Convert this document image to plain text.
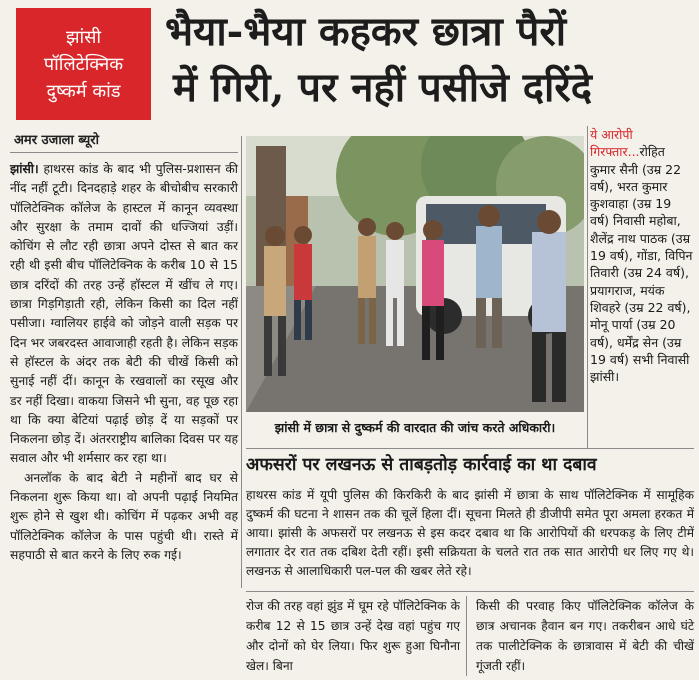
झांसी
पॉलिटेक्निक
दुष्कर्म कांड
भैया-भैया कहकर छात्रा पैरों
में गिरी, पर नहीं पसीजे दरिंदे
अमर उजाला ब्यूरो

झांसी। हाथरस कांड के बाद भी पुलिस-प्रशासन की नींद नहीं टूटी। दिनदहाड़े शहर के बीचोबीच सरकारी पॉलिटेक्निक कॉलेज के हास्टल में कानून व्यवस्था और सुरक्षा के तमाम दावों की धज्जियां उड़ीं। कोचिंग से लौट रही छात्रा अपने दोस्त से बात कर रही थी इसी बीच पॉलिटेक्निक के करीब 10 से 15 छात्र दरिंदों की तरह उन्हें हॉस्टल में खींच ले गए। छात्रा गिड़गिड़ाती रही, लेकिन किसी का दिल नहीं पसीजा। ग्वालियर हाईवे को जोड़ने वाली सड़क पर दिन भर जबरदस्त आवाजाही रहती है। लेकिन सड़क से हॉस्टल के अंदर तक बेटी की चीखें किसी को सुनाई नहीं दीं। कानून के रखवालों का रसूख और डर नहीं दिखा। वाकया जिसने भी सुना, वह पूछ रहा था कि क्या बेटियां पढ़ाई छोड़ दें या सड़कों पर निकलना छोड़ दें। अंतरराष्ट्रीय बालिका दिवस पर यह सवाल और भी शर्मसार कर रहा था।

अनलॉक के बाद बेटी ने महीनों बाद घर से निकलना शुरू किया था। वो अपनी पढ़ाई नियमित शुरू होने से खुश थी। कोचिंग में पढ़कर अभी वह पॉलिटेक्निक कॉलेज के पास पहुंची थी। रास्ते में सहपाठी से बात करने के लिए रुक गई।

झांसी में छात्रा से दुष्कर्म की वारदात की जांच करते अधिकारी।
ये आरोपी गिरफ्तार...रोहित कुमार सैनी (उम्र 22 वर्ष), भरत कुमार कुशवाहा (उम्र 19 वर्ष) निवासी महोबा, शैलेंद्र नाथ पाठक (उम्र 19 वर्ष), गोंडा, विपिन तिवारी (उम्र 24 वर्ष), प्रयागराज, मयंक शिवहरे (उम्र 22 वर्ष), मोनू पार्या (उम्र 20 वर्ष), धर्मेंद्र सेन (उम्र 19 वर्ष) सभी निवासी झांसी।
अफसरों पर लखनऊ से ताबड़तोड़ कार्रवाई का था दबाव

हाथरस कांड में यूपी पुलिस की किरकिरी के बाद झांसी में छात्रा के साथ पॉलिटेक्निक में सामूहिक दुष्कर्म की घटना ने शासन तक की चूलें हिला दीं। सूचना मिलते ही डीजीपी समेत पूरा अमला हरकत में आया। झांसी के अफसरों पर लखनऊ से इस कदर दबाव था कि आरोपियों की धरपकड़ के लिए टीमें लगातार देर रात तक दबिश देती रहीं। इसी सक्रियता के चलते रात तक सात आरोपी धर लिए गए थे। लखनऊ से आलाधिकारी पल-पल की खबर लेते रहे।

रोज की तरह वहां झुंड में घूम रहे पॉलिटेक्निक के करीब 12 से 15 छात्र उन्हें देख वहां पहुंच गए और दोनों को घेर लिया। फिर शुरू हुआ घिनौना खेल। बिना
किसी की परवाह किए पॉलिटेक्निक कॉलेज के छात्र अचानक हैवान बन गए। तकरीबन आधे घंटे तक पालीटेक्निक के छात्रावास में बेटी की चीखें गूंजती रहीं।
